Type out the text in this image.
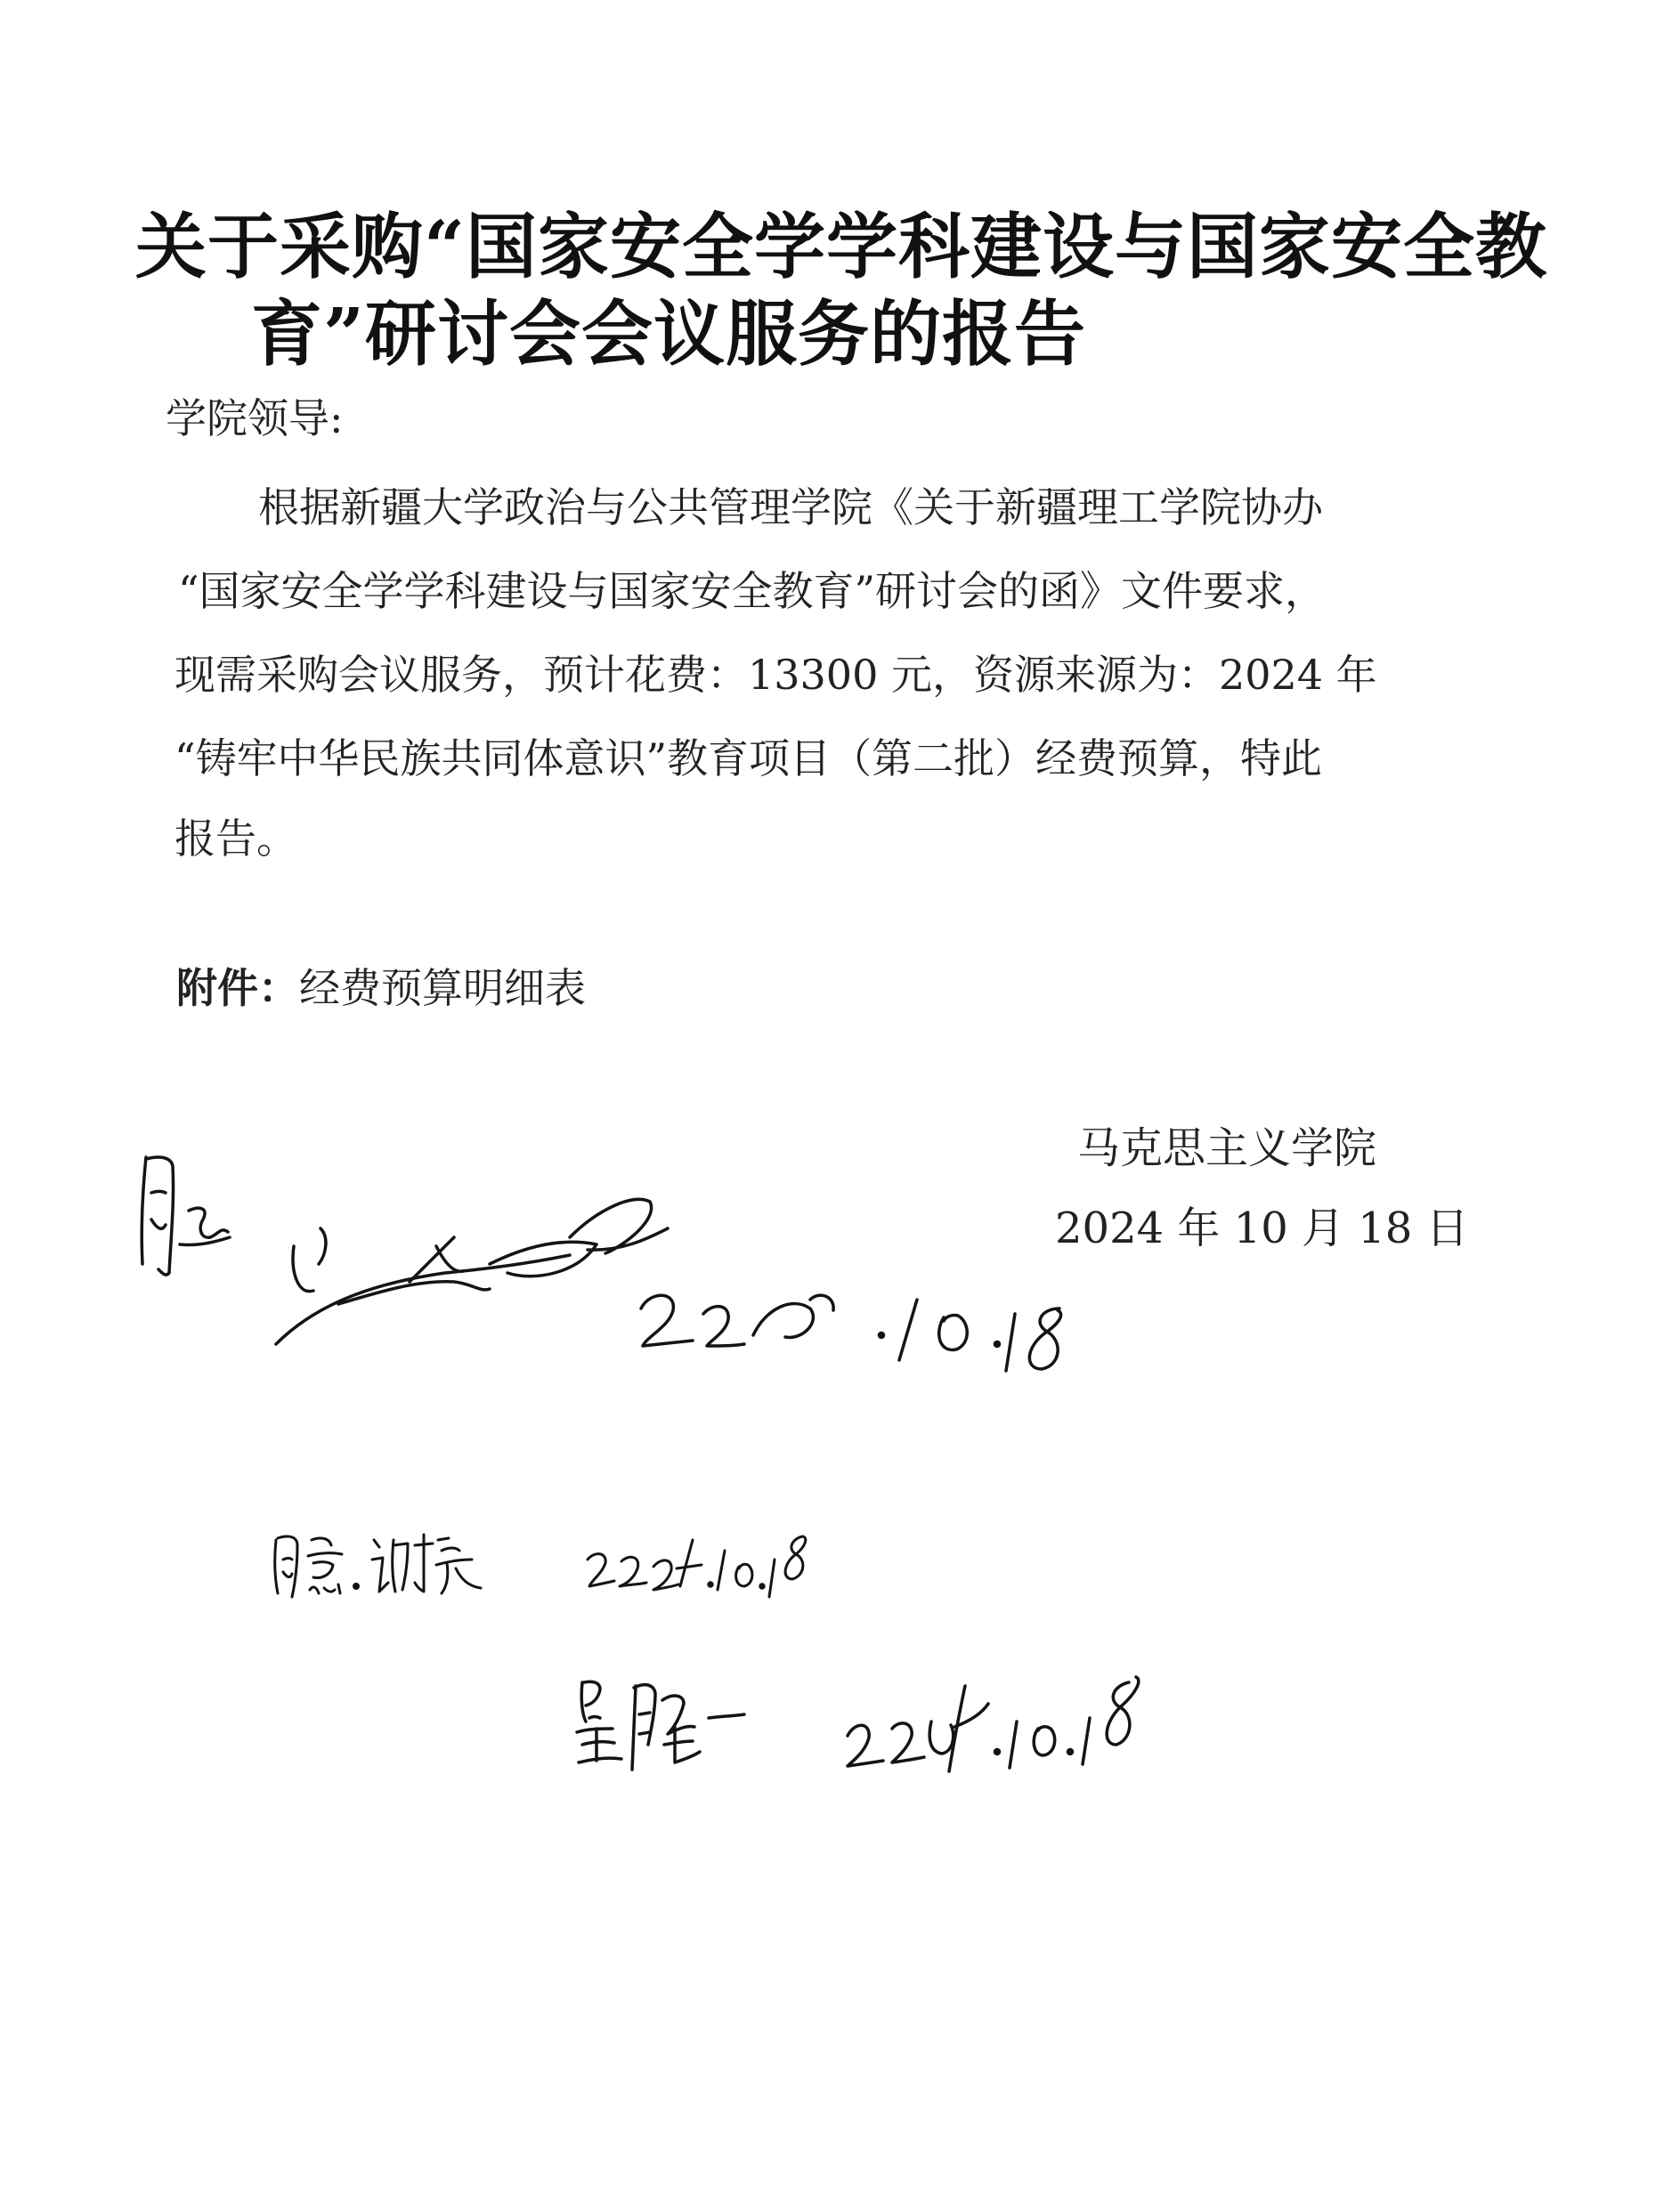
关于采购“国家安全学学科建设与国家安全教
育”研讨会会议服务的报告
学院领导:
根据新疆大学政治与公共管理学院《关于新疆理工学院协办
“国家安全学学科建设与国家安全教育”研讨会的函》文件要求，
现需采购会议服务，预计花费：13300 元，资源来源为：2024 年
“铸牢中华民族共同体意识”教育项目（第二批）经费预算，特此
报告。
附件：经费预算明细表
马克思主义学院
2024 年 10 月 18 日
